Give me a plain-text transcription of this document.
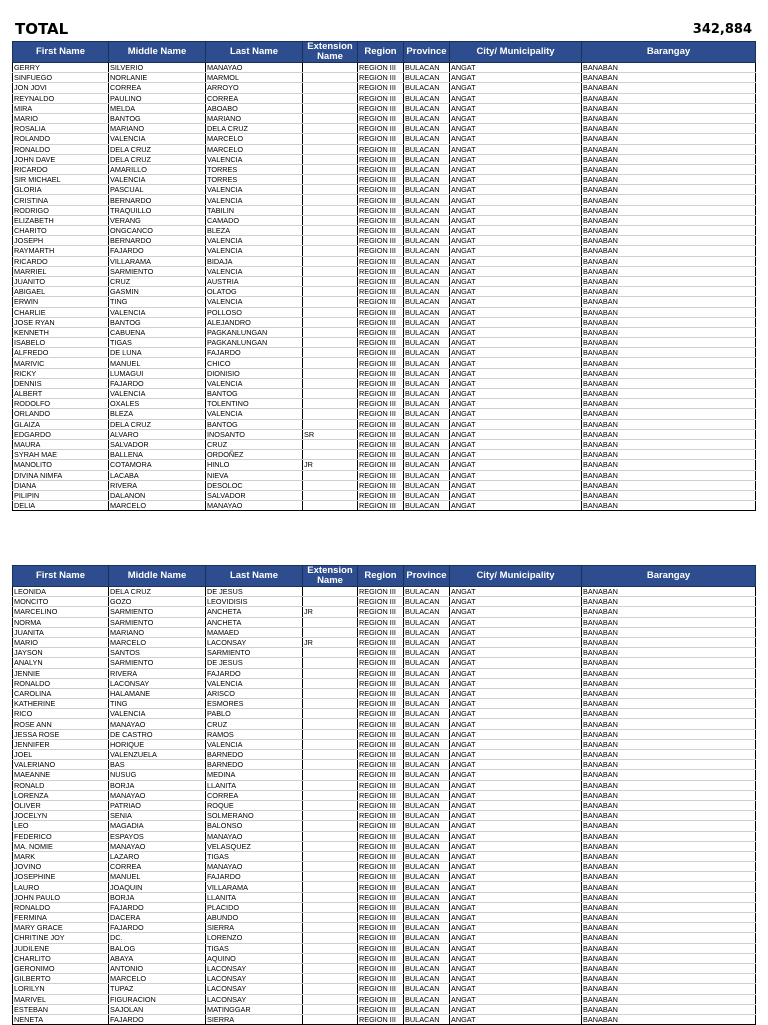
TOTAL	342,884
First Name	Middle Name	Last Name	Extension Name	Region	Province	City/ Municipality	Barangay
GERRY	SILVERIO	MANAYAO		REGION III	BULACAN	ANGAT	BANABAN
SINFUEGO	NORLANIE	MARMOL		REGION III	BULACAN	ANGAT	BANABAN
JON JOVI	CORREA	ARROYO		REGION III	BULACAN	ANGAT	BANABAN
REYNALDO	PAULINO	CORREA		REGION III	BULACAN	ANGAT	BANABAN
MIRA	MELDA	ABOABO		REGION III	BULACAN	ANGAT	BANABAN
MARIO	BANTOG	MARIANO		REGION III	BULACAN	ANGAT	BANABAN
ROSALIA	MARIANO	DELA CRUZ		REGION III	BULACAN	ANGAT	BANABAN
ROLANDO	VALENCIA	MARCELO		REGION III	BULACAN	ANGAT	BANABAN
RONALDO	DELA CRUZ	MARCELO		REGION III	BULACAN	ANGAT	BANABAN
JOHN DAVE	DELA CRUZ	VALENCIA		REGION III	BULACAN	ANGAT	BANABAN
RICARDO	AMARILLO	TORRES		REGION III	BULACAN	ANGAT	BANABAN
SIR MICHAEL	VALENCIA	TORRES		REGION III	BULACAN	ANGAT	BANABAN
GLORIA	PASCUAL	VALENCIA		REGION III	BULACAN	ANGAT	BANABAN
CRISTINA	BERNARDO	VALENCIA		REGION III	BULACAN	ANGAT	BANABAN
RODRIGO	TRAQUILLO	TABILIN		REGION III	BULACAN	ANGAT	BANABAN
ELIZABETH	VERANG	CAMADO		REGION III	BULACAN	ANGAT	BANABAN
CHARITO	ONGCANCO	BLEZA		REGION III	BULACAN	ANGAT	BANABAN
JOSEPH	BERNARDO	VALENCIA		REGION III	BULACAN	ANGAT	BANABAN
RAYMARTH	FAJARDO	VALENCIA		REGION III	BULACAN	ANGAT	BANABAN
RICARDO	VILLARAMA	BIDAJA		REGION III	BULACAN	ANGAT	BANABAN
MARRIEL	SARMIENTO	VALENCIA		REGION III	BULACAN	ANGAT	BANABAN
JUANITO	CRUZ	AUSTRIA		REGION III	BULACAN	ANGAT	BANABAN
ABIGAEL	GASMIN	OLATOG		REGION III	BULACAN	ANGAT	BANABAN
ERWIN	TING	VALENCIA		REGION III	BULACAN	ANGAT	BANABAN
CHARLIE	VALENCIA	POLLOSO		REGION III	BULACAN	ANGAT	BANABAN
JOSE RYAN	BANTOG	ALEJANDRO		REGION III	BULACAN	ANGAT	BANABAN
KENNETH	CABUENA	PAGKANLUNGAN		REGION III	BULACAN	ANGAT	BANABAN
ISABELO	TIGAS	PAGKANLUNGAN		REGION III	BULACAN	ANGAT	BANABAN
ALFREDO	DE LUNA	FAJARDO		REGION III	BULACAN	ANGAT	BANABAN
MARIVIC	MANUEL	CHICO		REGION III	BULACAN	ANGAT	BANABAN
RICKY	LUMAGUI	DIONISIO		REGION III	BULACAN	ANGAT	BANABAN
DENNIS	FAJARDO	VALENCIA		REGION III	BULACAN	ANGAT	BANABAN
ALBERT	VALENCIA	BANTOG		REGION III	BULACAN	ANGAT	BANABAN
RODOLFO	OXALES	TOLENTINO		REGION III	BULACAN	ANGAT	BANABAN
ORLANDO	BLEZA	VALENCIA		REGION III	BULACAN	ANGAT	BANABAN
GLAIZA	DELA CRUZ	BANTOG		REGION III	BULACAN	ANGAT	BANABAN
EDGARDO	ALVARO	INOSANTO	SR	REGION III	BULACAN	ANGAT	BANABAN
MAURA	SALVADOR	CRUZ		REGION III	BULACAN	ANGAT	BANABAN
SYRAH MAE	BALLENA	ORDOÑEZ		REGION III	BULACAN	ANGAT	BANABAN
MANOLITO	COTAMORA	HINLO	JR	REGION III	BULACAN	ANGAT	BANABAN
DIVINA NIMFA	LACABA	NIEVA		REGION III	BULACAN	ANGAT	BANABAN
DIANA	RIVERA	DESOLOC		REGION III	BULACAN	ANGAT	BANABAN
PILIPIN	DALANON	SALVADOR		REGION III	BULACAN	ANGAT	BANABAN
DELIA	MARCELO	MANAYAO		REGION III	BULACAN	ANGAT	BANABAN
First Name	Middle Name	Last Name	Extension Name	Region	Province	City/ Municipality	Barangay
LEONIDA	DELA CRUZ	DE JESUS		REGION III	BULACAN	ANGAT	BANABAN
MONCITO	GOZO	LEOVIDISIS		REGION III	BULACAN	ANGAT	BANABAN
MARCELINO	SARMIENTO	ANCHETA	JR	REGION III	BULACAN	ANGAT	BANABAN
NORMA	SARMIENTO	ANCHETA		REGION III	BULACAN	ANGAT	BANABAN
JUANITA	MARIANO	MAMAED		REGION III	BULACAN	ANGAT	BANABAN
MARIO	MARCELO	LACONSAY	JR	REGION III	BULACAN	ANGAT	BANABAN
JAYSON	SANTOS	SARMIENTO		REGION III	BULACAN	ANGAT	BANABAN
ANALYN	SARMIENTO	DE JESUS		REGION III	BULACAN	ANGAT	BANABAN
JENNIE	RIVERA	FAJARDO		REGION III	BULACAN	ANGAT	BANABAN
RONALDO	LACONSAY	VALENCIA		REGION III	BULACAN	ANGAT	BANABAN
CAROLINA	HALAMANE	ARISCO		REGION III	BULACAN	ANGAT	BANABAN
KATHERINE	TING	ESMORES		REGION III	BULACAN	ANGAT	BANABAN
RICO	VALENCIA	PABLO		REGION III	BULACAN	ANGAT	BANABAN
ROSE ANN	MANAYAO	CRUZ		REGION III	BULACAN	ANGAT	BANABAN
JESSA ROSE	DE CASTRO	RAMOS		REGION III	BULACAN	ANGAT	BANABAN
JENNIFER	HORIQUE	VALENCIA		REGION III	BULACAN	ANGAT	BANABAN
JOEL	VALENZUELA	BARNEDO		REGION III	BULACAN	ANGAT	BANABAN
VALERIANO	BAS	BARNEDO		REGION III	BULACAN	ANGAT	BANABAN
MAEANNE	NUSUG	MEDINA		REGION III	BULACAN	ANGAT	BANABAN
RONALD	BORJA	LLANITA		REGION III	BULACAN	ANGAT	BANABAN
LORENZA	MANAYAO	CORREA		REGION III	BULACAN	ANGAT	BANABAN
OLIVER	PATRIAO	ROQUE		REGION III	BULACAN	ANGAT	BANABAN
JOCELYN	SENIA	SOLMERANO		REGION III	BULACAN	ANGAT	BANABAN
LEO	MAGADIA	BALONSO		REGION III	BULACAN	ANGAT	BANABAN
FEDERICO	ESPAYOS	MANAYAO		REGION III	BULACAN	ANGAT	BANABAN
MA. NOMIE	MANAYAO	VELASQUEZ		REGION III	BULACAN	ANGAT	BANABAN
MARK	LAZARO	TIGAS		REGION III	BULACAN	ANGAT	BANABAN
JOVINO	CORREA	MANAYAO		REGION III	BULACAN	ANGAT	BANABAN
JOSEPHINE	MANUEL	FAJARDO		REGION III	BULACAN	ANGAT	BANABAN
LAURO	JOAQUIN	VILLARAMA		REGION III	BULACAN	ANGAT	BANABAN
JOHN PAULO	BORJA	LLANITA		REGION III	BULACAN	ANGAT	BANABAN
RONALDO	FAJARDO	PLACIDO		REGION III	BULACAN	ANGAT	BANABAN
FERMINA	DACERA	ABUNDO		REGION III	BULACAN	ANGAT	BANABAN
MARY GRACE	FAJARDO	SIERRA		REGION III	BULACAN	ANGAT	BANABAN
CHRITINE JOY	DC.	LORENZO		REGION III	BULACAN	ANGAT	BANABAN
JUDILENE	BALOG	TIGAS		REGION III	BULACAN	ANGAT	BANABAN
CHARLITO	ABAYA	AQUINO		REGION III	BULACAN	ANGAT	BANABAN
GERONIMO	ANTONIO	LACONSAY		REGION III	BULACAN	ANGAT	BANABAN
GILBERTO	MARCELO	LACONSAY		REGION III	BULACAN	ANGAT	BANABAN
LORILYN	TUPAZ	LACONSAY		REGION III	BULACAN	ANGAT	BANABAN
MARIVEL	FIGURACION	LACONSAY		REGION III	BULACAN	ANGAT	BANABAN
ESTEBAN	SAJOLAN	MATINGGAR		REGION III	BULACAN	ANGAT	BANABAN
NENETA	FAJARDO	SIERRA		REGION III	BULACAN	ANGAT	BANABAN
